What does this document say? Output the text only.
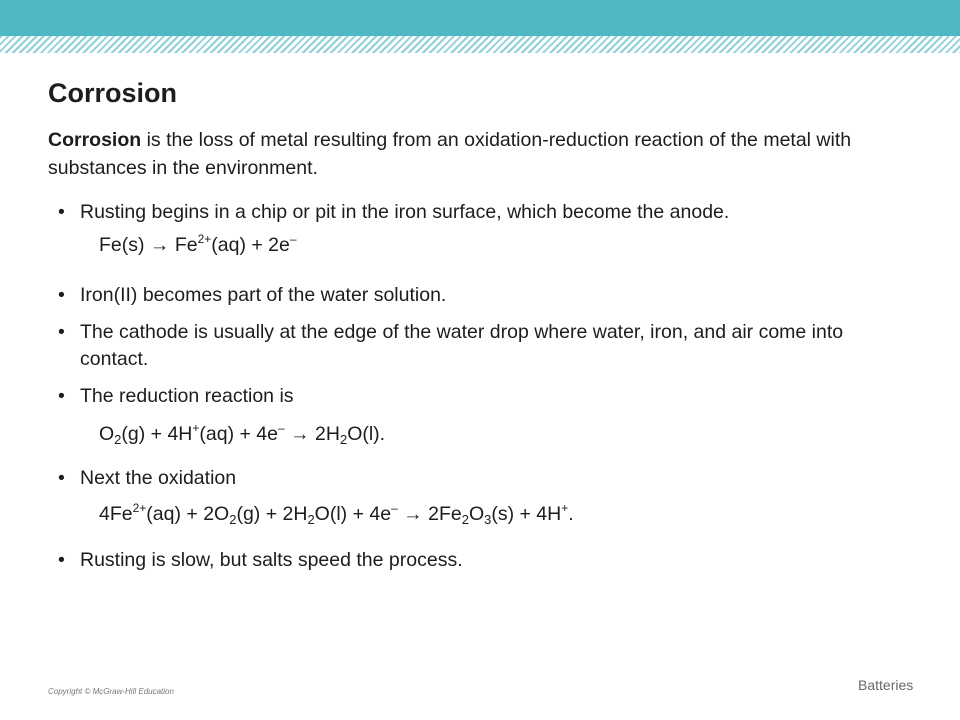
Corrosion

Corrosion is the loss of metal resulting from an oxidation-reduction reaction of the metal with substances in the environment.

• Rusting begins in a chip or pit in the iron surface, which become the anode.
$Fe(s) \to Fe^{2+}(aq) + 2e^-$
• Iron(II) becomes part of the water solution.
• The cathode is usually at the edge of the water drop where water, iron, and air come into contact.
• The reduction reaction is
$O_2(g) + 4H^+(aq) + 4e^- \to 2H_2O(l)$.
• Next the oxidation
$4Fe^{2+}(aq) + 2O_2(g) + 2H_2O(l) + 4e^- \to 2Fe_2O_3(s) + 4H^+$.
• Rusting is slow, but salts speed the process.
Copyright © McGraw-Hill Education	Batteries
